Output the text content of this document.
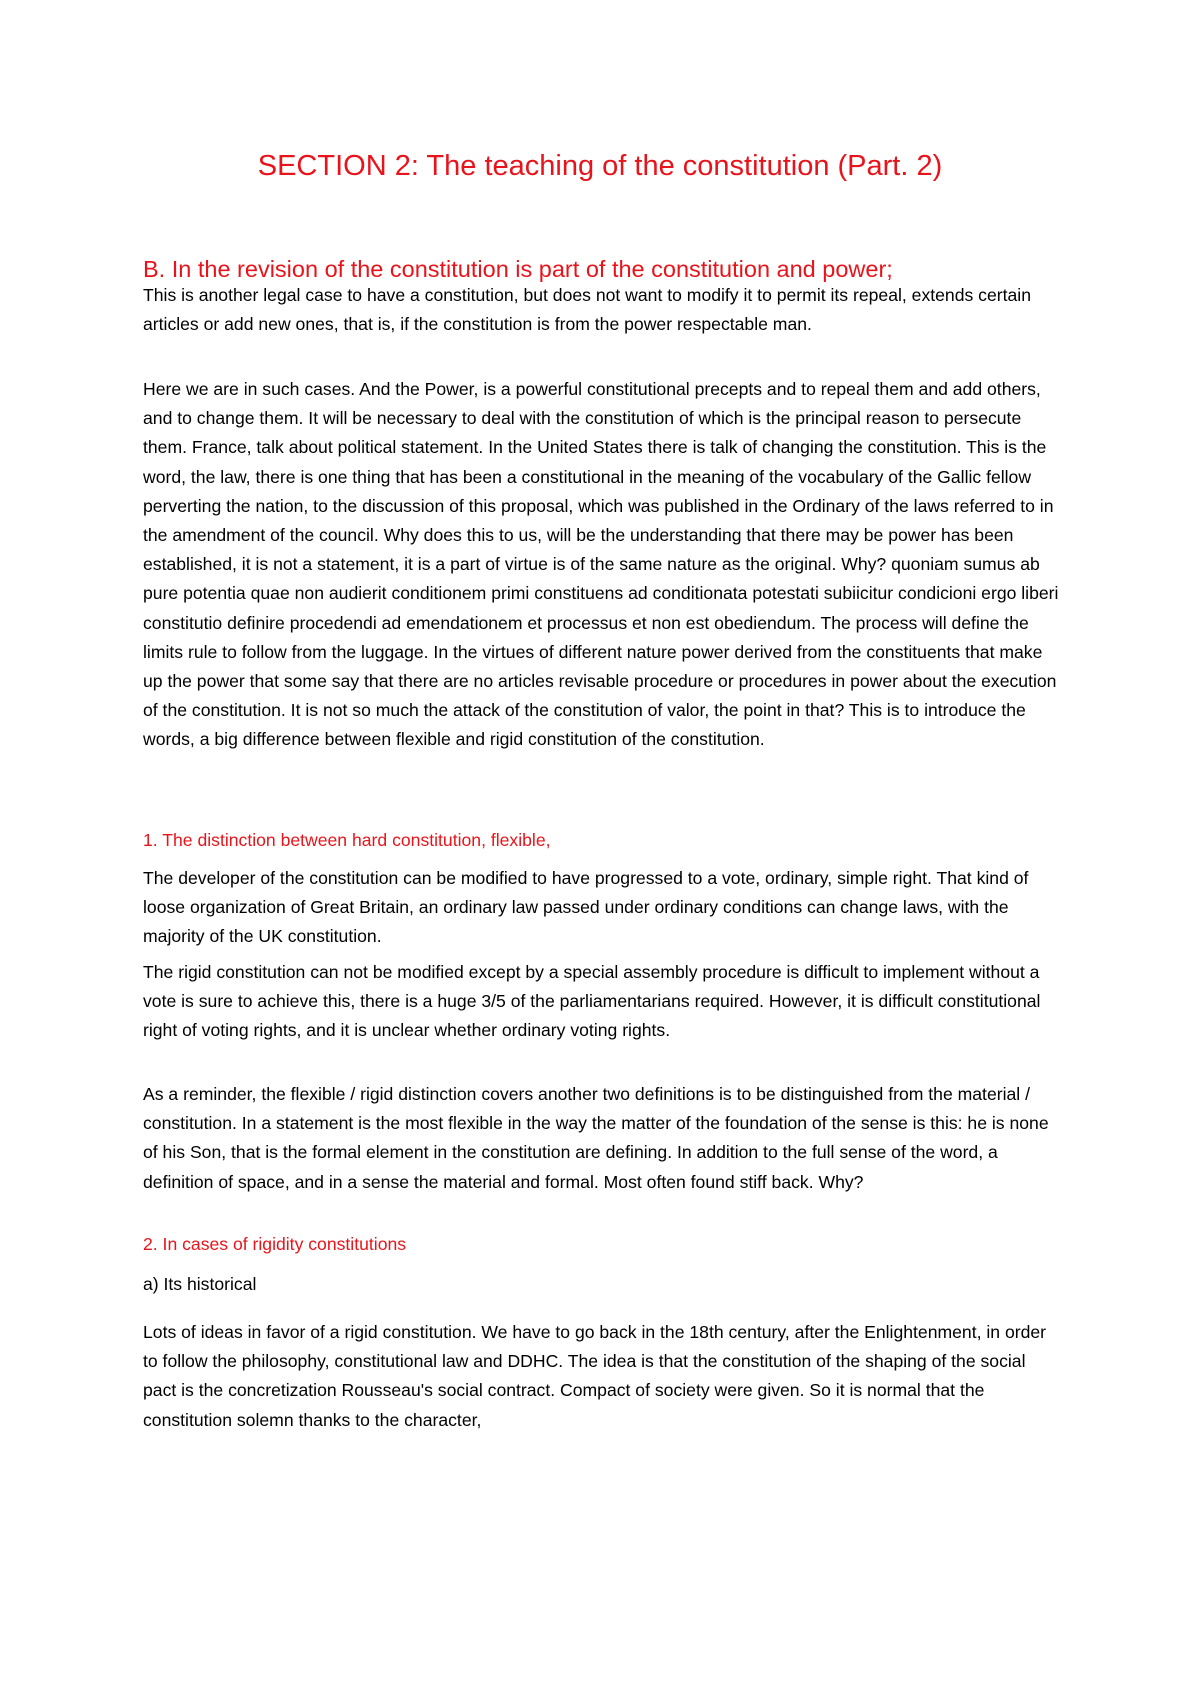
SECTION 2: The teaching of the constitution (Part. 2)
B. In the revision of the constitution is part of the constitution and power;

This is another legal case to have a constitution, but does not want to modify it to permit its repeal, extends certain articles or add new ones, that is, if the constitution is from the power respectable man.

Here we are in such cases. And the Power, is a powerful constitutional precepts and to repeal them and add others, and to change them. It will be necessary to deal with the constitution of which is the principal reason to persecute them. France, talk about political statement. In the United States there is talk of changing the constitution. This is the word, the law, there is one thing that has been a constitutional in the meaning of the vocabulary of the Gallic fellow perverting the nation, to the discussion of this proposal, which was published in the Ordinary of the laws referred to in the amendment of the council. Why does this to us, will be the understanding that there may be power has been established, it is not a statement, it is a part of virtue is of the same nature as the original. Why? quoniam sumus ab pure potentia quae non audierit conditionem primi constituens ad conditionata potestati subiicitur condicioni ergo liberi constitutio definire procedendi ad emendationem et processus et non est obediendum. The process will define the limits rule to follow from the luggage. In the virtues of different nature power derived from the constituents that make up the power that some say that there are no articles revisable procedure or procedures in power about the execution of the constitution. It is not so much the attack of the constitution of valor, the point in that? This is to introduce the words, a big difference between flexible and rigid constitution of the constitution.

1. The distinction between hard constitution, flexible,

The developer of the constitution can be modified to have progressed to a vote, ordinary, simple right. That kind of loose organization of Great Britain, an ordinary law passed under ordinary conditions can change laws, with the majority of the UK constitution.

The rigid constitution can not be modified except by a special assembly procedure is difficult to implement without a vote is sure to achieve this, there is a huge 3/5 of the parliamentarians required. However, it is difficult constitutional right of voting rights, and it is unclear whether ordinary voting rights.

As a reminder, the flexible / rigid distinction covers another two definitions is to be distinguished from the material / constitution. In a statement is the most flexible in the way the matter of the foundation of the sense is this: he is none of his Son, that is the formal element in the constitution are defining. In addition to the full sense of the word, a definition of space, and in a sense the material and formal. Most often found stiff back. Why?

2. In cases of rigidity constitutions

a) Its historical

Lots of ideas in favor of a rigid constitution. We have to go back in the 18th century, after the Enlightenment, in order to follow the philosophy, constitutional law and DDHC. The idea is that the constitution of the shaping of the social pact is the concretization Rousseau's social contract. Compact of society were given. So it is normal that the constitution solemn thanks to the character,
